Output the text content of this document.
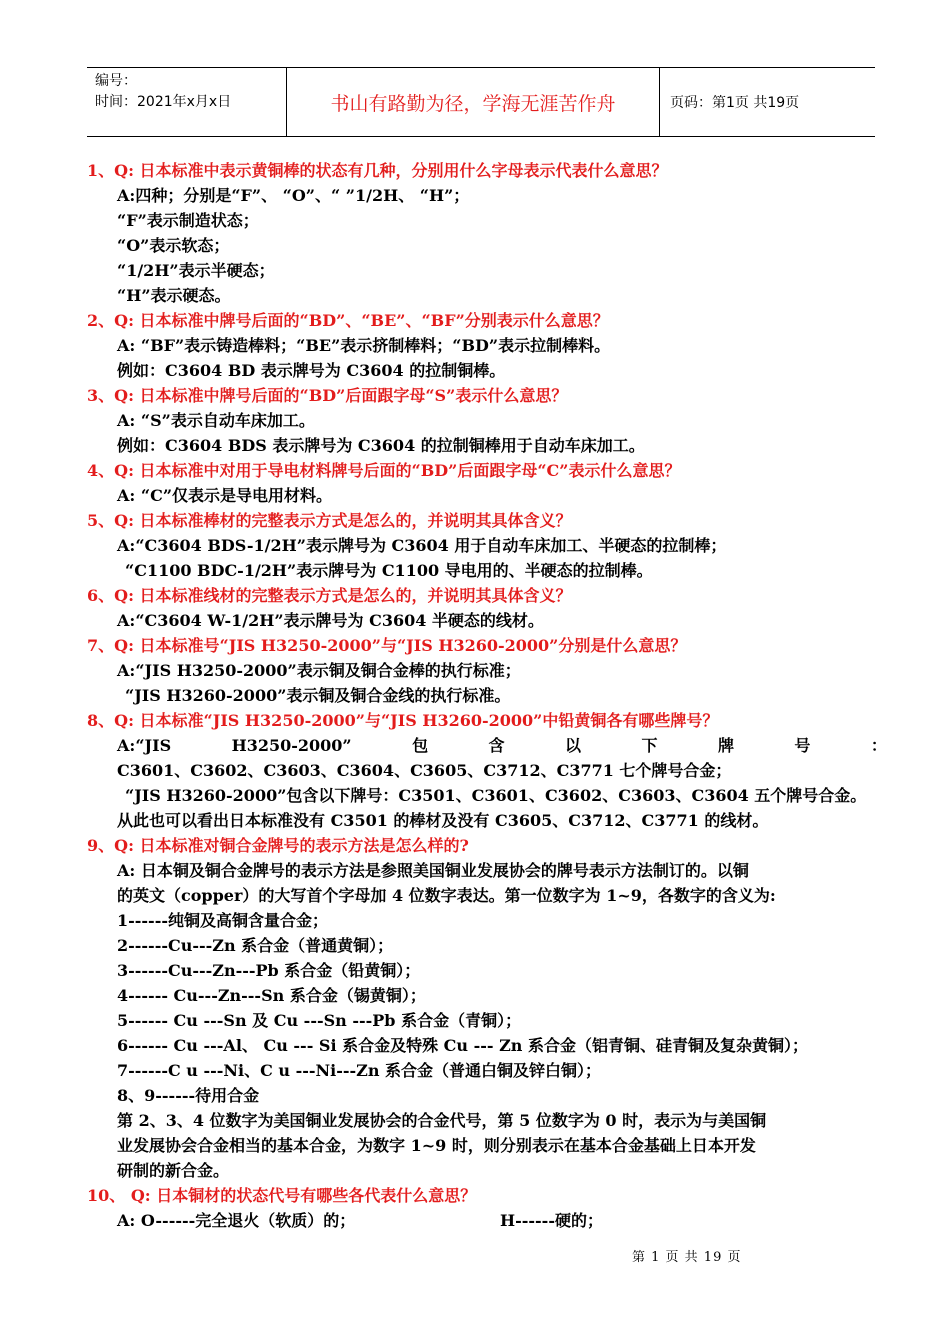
编号：
时间：2021年x月x日	书山有路勤为径，学海无涯苦作舟	页码：第1页 共19页
1、Q: 日本标准中表示黄铜棒的状态有几种，分别用什么字母表示代表什么意思？
A:四种；分别是“F”、 “O”、“ ”1/2H、 “H”；
“F”表示制造状态；
“O”表示软态；
“1/2H”表示半硬态；
“H”表示硬态。
2、Q: 日本标准中牌号后面的“BD”、“BE”、“BF”分别表示什么意思？
A: “BF”表示铸造棒料；“BE”表示挤制棒料；“BD”表示拉制棒料。
例如：C3604 BD 表示牌号为 C3604 的拉制铜棒。
3、Q: 日本标准中牌号后面的“BD”后面跟字母“S”表示什么意思？
A: “S”表示自动车床加工。
例如：C3604 BDS 表示牌号为 C3604 的拉制铜棒用于自动车床加工。
4、Q: 日本标准中对用于导电材料牌号后面的“BD”后面跟字母“C”表示什么意思？
A: “C”仅表示是导电用材料。
5、Q: 日本标准棒材的完整表示方式是怎么的，并说明其具体含义？
A:“C3604 BDS-1/2H”表示牌号为 C3604 用于自动车床加工、半硬态的拉制棒；
“C1100 BDC-1/2H”表示牌号为 C1100 导电用的、半硬态的拉制棒。
6、Q: 日本标准线材的完整表示方式是怎么的，并说明其具体含义？
A:“C3604 W-1/2H”表示牌号为 C3604 半硬态的线材。
7、Q: 日本标准号“JIS H3250-2000”与“JIS H3260-2000”分别是什么意思？
A:“JIS H3250-2000”表示铜及铜合金棒的执行标准；
“JIS H3260-2000”表示铜及铜合金线的执行标准。
8、Q: 日本标准“JIS H3250-2000”与“JIS H3260-2000”中铅黄铜各有哪些牌号？
A:“JIS	H3250-2000”	包	含	以	下	牌	号	：
C3601、C3602、C3603、C3604、C3605、C3712、C3771 七个牌号合金；
“JIS H3260-2000”包含以下牌号：C3501、C3601、C3602、C3603、C3604 五个牌号合金。
从此也可以看出日本标准没有 C3501 的棒材及没有 C3605、C3712、C3771 的线材。
9、Q: 日本标准对铜合金牌号的表示方法是怎么样的?
A: 日本铜及铜合金牌号的表示方法是参照美国铜业发展协会的牌号表示方法制订的。以铜
的英文（copper）的大写首个字母加 4 位数字表达。第一位数字为 1~9，各数字的含义为:
1------纯铜及高铜含量合金；
2------Cu---Zn 系合金（普通黄铜）；
3------Cu---Zn---Pb 系合金（铅黄铜）；
4------ Cu---Zn---Sn 系合金（锡黄铜）；
5------ Cu ---Sn 及 Cu ---Sn ---Pb 系合金（青铜）；
6------ Cu ---Al、 Cu --- Si 系合金及特殊 Cu --- Zn 系合金（铝青铜、硅青铜及复杂黄铜）；
7------C u ---Ni、C u ---Ni---Zn 系合金（普通白铜及锌白铜）；
8、9------待用合金
第 2、3、4 位数字为美国铜业发展协会的合金代号，第 5 位数字为 0 时，表示为与美国铜
业发展协会合金相当的基本合金，为数字 1~9 时，则分别表示在基本合金基础上日本开发
研制的新合金。
10、 Q: 日本铜材的状态代号有哪些各代表什么意思？
A: O------完全退火（软质）的；	H------硬的；
第 1 页 共 19 页
